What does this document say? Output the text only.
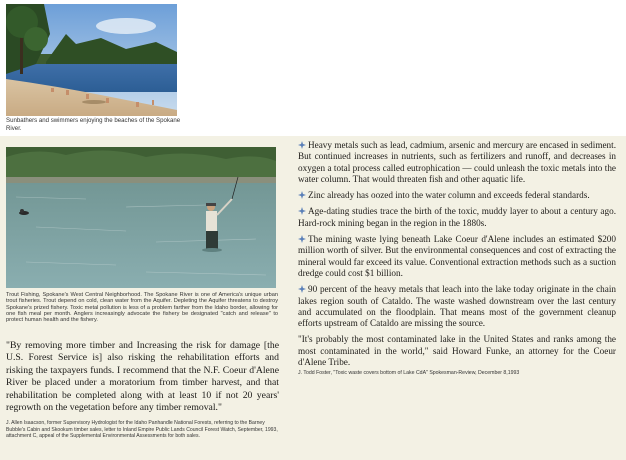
Sunbathers and swimmers enjoying the beaches of the Spokane River.
Trout Fishing, Spokane's West Central Neighborhood. The Spokane River is one of America's unique urban trout fisheries. Trout depend on cold, clean water from the Aquifer. Depleting the Aquifer threatens to destroy Spokane's prized fishery. Toxic metal pollution is less of a problem farther from the Idaho border, allowing for one fish meal per month. Anglers increasingly advocate the fishery be designated "catch and release" to protect human health and the fishery.
"By removing more timber and Increasing the risk for damage [the U.S. Forest Service is] also risking the rehabilitation efforts and risking the taxpayers funds. I recommend that the N.F. Coeur d'Alene River be placed under a moratorium from timber harvest, and that rehabilitation be completed along with at least 10 if not 20 years' regrowth on the vegetation before any timber removal."
J. Allen Isaacson, former Supervisory Hydrologist for the Idaho Panhandle National Forests, referring to the Barney Bubble's Cabin and Skookum timber sales, letter to Inland Empire Public Lands Council Forest Watch, September, 1993, attachment C, appeal of the Supplemental Environmental Assessments for both sales.

Heavy metals such as lead, cadmium, arsenic and mercury are encased in sediment. But continued increases in nutrients, such as fertilizers and runoff, and decreases in oxygen a total process called eutrophication — could unleash the toxic metals into the water column. That would threaten fish and other aquatic life.

Zinc already has oozed into the water column and exceeds federal standards.

Age-dating studies trace the birth of the toxic, muddy layer to about a century ago. Hard-rock mining began in the region in the 1880s.

The mining waste lying beneath Lake Coeur d'Alene includes an estimated $200 million worth of silver. But the environmental consequences and cost of extracting the mineral would far exceed its value. Conventional extraction methods such as a suction dredge could cost $1 billion.

90 percent of the heavy metals that leach into the lake today originate in the chain lakes region south of Cataldo. The waste washed downstream over the last century and accumulated on the floodplain. That means most of the government cleanup efforts upstream of Cataldo are missing the source.

"It's probably the most contaminated lake in the United States and ranks among the most contaminated in the world," said Howard Funke, an attorney for the Coeur d'Alene Tribe.

J. Todd Foster, "Toxic waste covers bottom of Lake CdA" Spokesman-Review, December 8,1993
